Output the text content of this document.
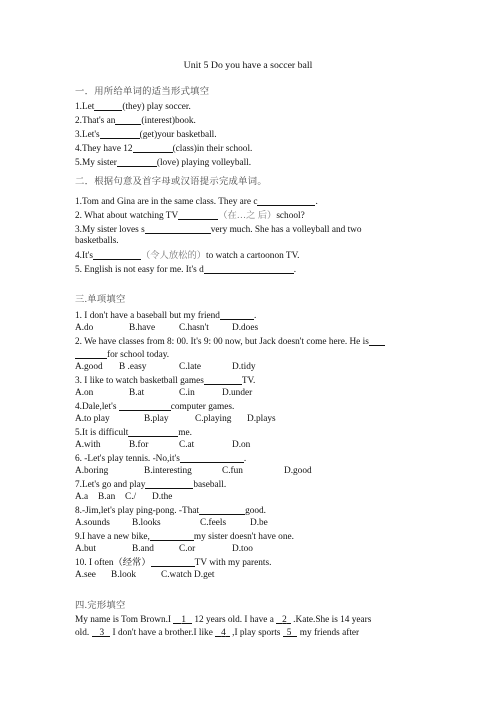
Unit 5 Do you have a soccer ball
一．用所给单词的适当形式填空
1.Let	(they) play soccer.
2.That's an	(interest)book.
3.Let's	(get)your basketball.
4.They have 12	(class)in their school.
5.My sister	(love) playing volleyball.
二．根据句意及首字母或汉语提示完成单词。
1.Tom and Gina are in the same class. They are c	.
2. What about watching TV	（在…之 后）school?
3.My sister loves s	very much. She has a volleyball and two
basketballs.
4.It's	（令人放松的）to watch a cartoonon TV.
5. English is not easy for me. It's d	.
三.单项填空
1. I don't have a baseball but my friend	.
A.do	B.have	C.hasn't D.does
2. We have classes from 8: 00. It's 9: 00 now, but Jack doesn't come here. He is
for school today.
A.good B .easy	C.late	D.tidy
3. I like to watch basketball games	TV.
A.on	B.at	C.in	D.under
4.Dale,let's	computer games.
A.to play	B.play	C.playing D.plays
5.It is difficult	me.
A.with	B.for	C.at	D.on
6. -Let's play tennis. -No,it's	.
A.boring	B.interesting	C.fun	D.good
7.Let's go and play	baseball.
A.a B.an C./ D.the
8.-Jim,let's play ping-pong. -That	good.
A.sounds B.looks	C.feels	D.be
9.I have a new bike,	my sister doesn't have one.
A.but	B.and	C.or	D.too
10. I often（经常）	TV with my parents.
A.see B.look	C.watch D.get
四.完形填空
My name is Tom Brown.I 1 12 years old. I have a 2 .Kate.She is 14 years
old. 3 I don't have a brother.I like 4 ,I play sports 5 my friends after
